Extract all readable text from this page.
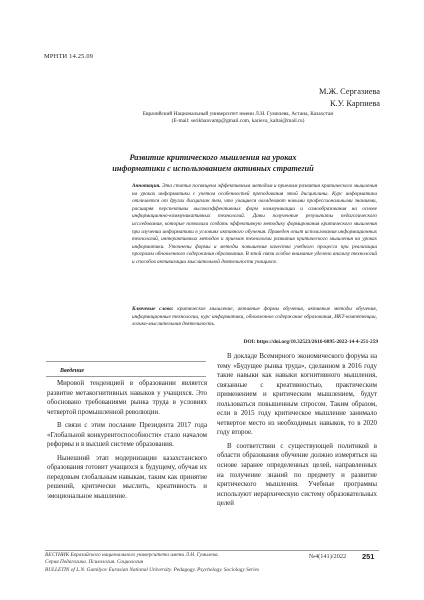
МРНТИ 14.25.09
М.Ж. Сергазиева
К.У. Карпиева
Евразийский Национальный университет имени Л.Н. Гумилева, Астана, Казахстан
(E-mail: serikhanvamp@gmail.com, karieva_kaltai@mail.ru)
Развитие критического мышления на уроках
информатики с использованием активных стратегий
Аннотация. Эта статья посвящена эффективным методам и приемам развития критического мышления на уроках информатики с учетом особенностей преподавания этой дисциплины. Курс информатики отличается от других дисциплин тем, что учащиеся овладевают новыми профессиональными знаниями, расширяя перспективы высокоэффективных форм коммуникации и самообразования на основе информационно-коммуникативных технологий. Даны полученные результаты педагогического исследования, которые позволили создать эффективную методику формирования критического мышления при изучении информатики в условиях активного обучения. Приведен опыт использования информационных технологий, интерактивных методов и приемов технологии развития критического мышления на уроках информатики. Уточнены формы и методы повышения качества учебного процесса при реализации программ обновленного содержания образования. В этой связи особое внимание уделено анализу технологий и способов активизации мыслительной деятельности учащихся.
Ключевые слова: критическое мышление, активные формы обучения, активные методы обучения, информационные технологии, курс информатики, обновленное содержание образования, ИКТ-компетенции, логико-мыслительная деятельность.
DOI: https://doi.org/10.32523/2616-6895-2022-14-4-251-259
Введение

Мировой тенденцией в образовании является развитие метакогнитивных навыков у учащихся. Это обосновано требованиями рынка труда в условиях четвертой промышленной революции.

В связи с этим послание Президента 2017 года «Глобальной конкурентоспособности» стало началом реформы и в высшей системе образования.

Нынешний этап модернизации казахстанского образования готовит учащихся к будущему, обучая их передовым глобальным навыкам, таким как принятие решений, критически мыслить, креативность и эмоциональное мышление.

В докладе Всемирного экономического форума на тему «Будущее рынка труда», сделанном в 2016 году такие навыки как навыки когнитивного мышления, связанные с креативностью, практическим применением и критическим мышлением, будут пользоваться повышенным спросом. Таким образом, если в 2015 году критическое мышление занимало четвертое место из необходимых навыков, то в 2020 году второе.

В соответствии с существующей политикой в области образования обучение должно измеряться на основе заранее определенных целей, направленных на получение знаний по предмету и развитие критического мышления. Учебные программы используют иерархическую систему образовательных целей

ВЕСТНИК Евразийского национального университета имени Л.Н. Гумилева.
Серия Педагогика. Психология. Социология
BULLETIN of L.N. Gumilyov Eurasian National University. Pedagogy. Psychology. Sociology Series
№4(141)/2022 251
